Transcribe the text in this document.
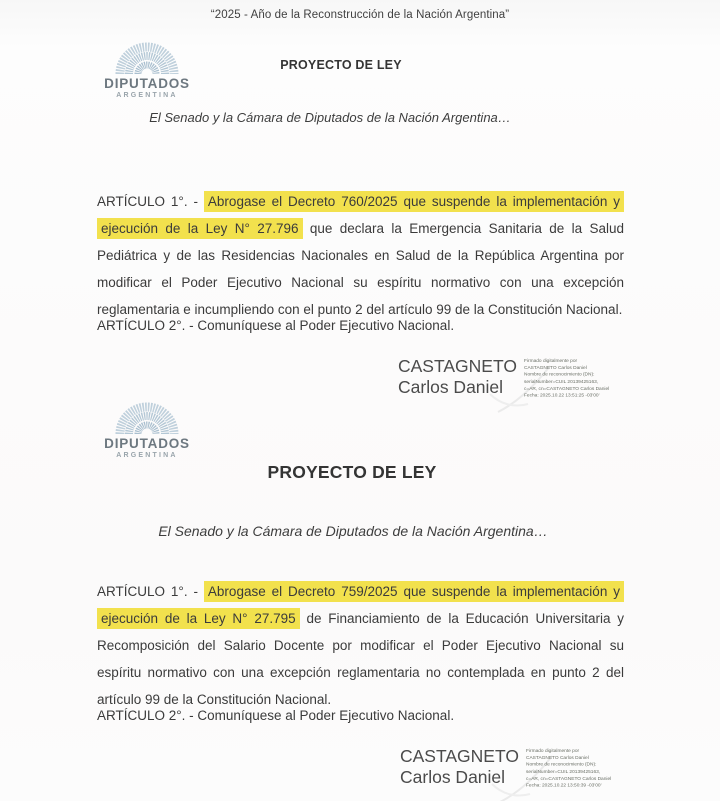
“2025 - Año de la Reconstrucción de la Nación Argentina”
DIPUTADOS
ARGENTINA
PROYECTO DE LEY
El Senado y la Cámara de Diputados de la Nación Argentina…

ARTÍCULO 1°. - Abrogase el Decreto 760/2025 que suspende la implementación y ejecución de la Ley N° 27.796 que declara la Emergencia Sanitaria de la Salud Pediátrica y de las Residencias Nacionales en Salud de la República Argentina por modificar el Poder Ejecutivo Nacional su espíritu normativo con una excepción reglamentaria e incumpliendo con el punto 2 del artículo 99 de la Constitución Nacional.

ARTÍCULO 2°. - Comuníquese al Poder Ejecutivo Nacional.
CASTAGNETO
Carlos Daniel
Firmado digitalmente por
CASTAGNETO Carlos Daniel
Nombre de reconocimiento (DN):
serialNumber=CUIL 20139425163,
c=AR, cn=CASTAGNETO Carlos Daniel
Fecha: 2025.10.22 13:51:25 -03'00'
DIPUTADOS
ARGENTINA
PROYECTO DE LEY
El Senado y la Cámara de Diputados de la Nación Argentina…

ARTÍCULO 1°. - Abrogase el Decreto 759/2025 que suspende la implementación y ejecución de la Ley N° 27.795 de Financiamiento de la Educación Universitaria y Recomposición del Salario Docente por modificar el Poder Ejecutivo Nacional su espíritu normativo con una excepción reglamentaria no contemplada en punto 2 del artículo 99 de la Constitución Nacional.

ARTÍCULO 2°. - Comuníquese al Poder Ejecutivo Nacional.
CASTAGNETO
Carlos Daniel
Firmado digitalmente por
CASTAGNETO Carlos Daniel
Nombre de reconocimiento (DN):
serialNumber=CUIL 20139425163,
c=AR, cn=CASTAGNETO Carlos Daniel
Fecha: 2025.10.22 13:50:39 -03'00'
